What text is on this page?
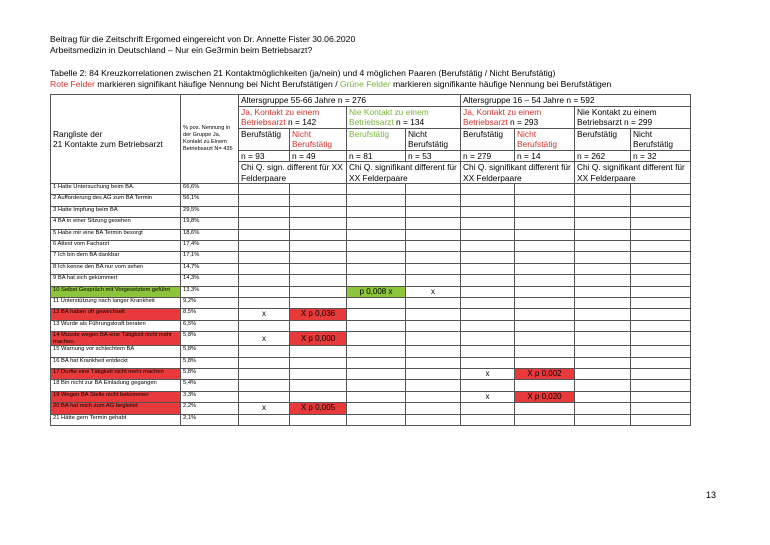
Beitrag für die Zeitschrift Ergomed eingereicht von Dr. Annette Fister 30.06.2020
Arbeitsmedizin in Deutschland – Nur ein Ge3rmin beim Betriebsarzt?
Tabelle 2: 84 Kreuzkorrelationen zwischen 21 Kontaktmöglichkeiten (ja/nein) und 4 möglichen Paaren (Berufstätig / Nicht Berufstätig)
Rote Felder markieren signifikant häufige Nennung bei Nicht Berufstätigen / Grüne Felder markieren signifikante häufige Nennung bei Berufstätigen
Rangliste der
21 Kontakte zum Betriebsarzt	% pos. Nennung in der Gruppe Ja, Kontakt zu Einem Betriebsarzt N= 435	Altersgruppe 55-66 Jahre n = 276				Altersgruppe 16 – 54 Jahre n = 592			
		Ja, Kontakt zu einem Betriebsarzt n = 142		Nie Kontakt zu einem Betriebsarzt n = 134		Ja, Kontakt zu einem Betriebsarzt n = 293		Nie Kontakt zu einem Betriebsarzt n = 299	
		Berufstätig	Nicht Berufstätig	Berufstätig	Nicht Berufstätig	Berufstätig	Nicht Berufstätig	Berufstätig	Nicht Berufstätig
		n = 93	n = 49	n = 81	n = 53	n = 279	n = 14	n = 262	n = 32
		Chi Q. sign. different für XX Felderpaare		Chi Q. signifikant different für XX Felderpaare		Chi Q. signifikant different für XX Felderpaare		Chi Q. signifikant different für XX Felderpaare	
1 Hatte Untersuchung beim BA.	66,6%								
2 Aufforderung des AG zum BA Termin	56,1%								
3 Hatte Impfung beim BA	29,5%								
4 BA in einer Sitzung gesehen	19,8%								
5 Habe mir eine BA Termin besorgt	18,6%								
6 Attest vom Facharzt	17,4%								
7 Ich bin dem BA dankbar	17,1%								
8 Ich kenne den BA nur vom sehen	14,7%								
9 BA hat sich gekümmert	14,3%								
10 Selbst Gespräch mit Vorgesetztem geführt	13,3%			p 0,008 x	x				
11 Unterstützung nach langer Krankheit	9,2%								
12 BA haben oft gewechselt	8,5%	x	X p 0,036						
13 Wurde als Führungskraft beraten	6,5%								
14 Musste wegen BA eine Tätigkeit nicht mehr machen.	5,8%	x	X p 0,000						
15 Warnung vor schlechtem BA	5,8%								
16 BA hat Krankheit entdeckt	5,8%								
17 Durfte eine Tätigkeit nicht mehr machen	5,8%					x	X p 0,002		
18 Bin nicht zur BA Einladung gegangen	5,4%								
19 Wegen BA Stelle nicht bekommen	3,3%					x	X p 0,020		
20 BA hat mich zum AG begleitet	2,2%	x	X p 0,005						
21 Hätte gern Termin gehabt	2,1%								
13
